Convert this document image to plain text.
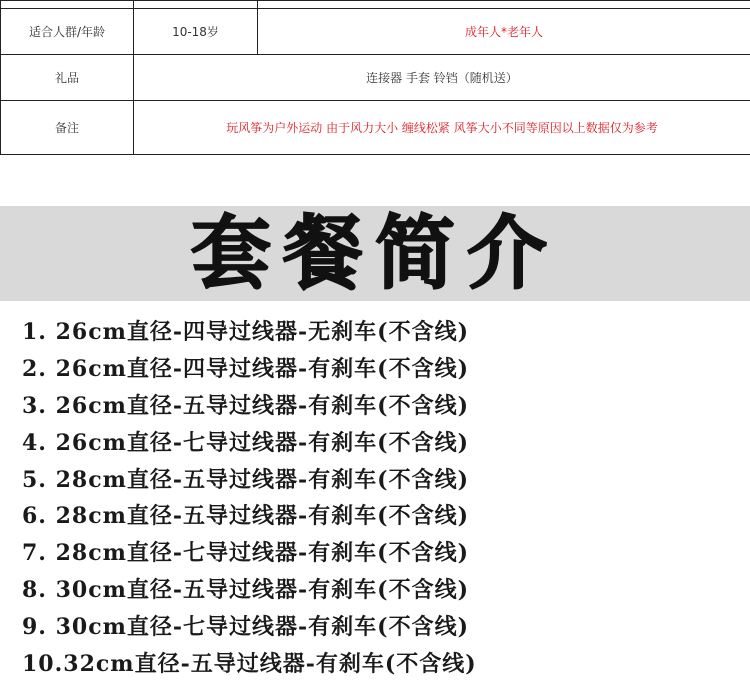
适合人群/年龄	10-18岁	成年人*老年人
礼品	连接器 手套 铃铛（随机送）	
备注	玩风筝为户外运动 由于风力大小 缠线松紧 风筝大小不同等原因以上数据仅为参考	
套餐简介
1. 26cm直径-四导过线器-无刹车(不含线)
2. 26cm直径-四导过线器-有刹车(不含线)
3. 26cm直径-五导过线器-有刹车(不含线)
4. 26cm直径-七导过线器-有刹车(不含线)
5. 28cm直径-五导过线器-有刹车(不含线)
6. 28cm直径-五导过线器-有刹车(不含线)
7. 28cm直径-七导过线器-有刹车(不含线)
8. 30cm直径-五导过线器-有刹车(不含线)
9. 30cm直径-七导过线器-有刹车(不含线)
10.32cm直径-五导过线器-有刹车(不含线)
